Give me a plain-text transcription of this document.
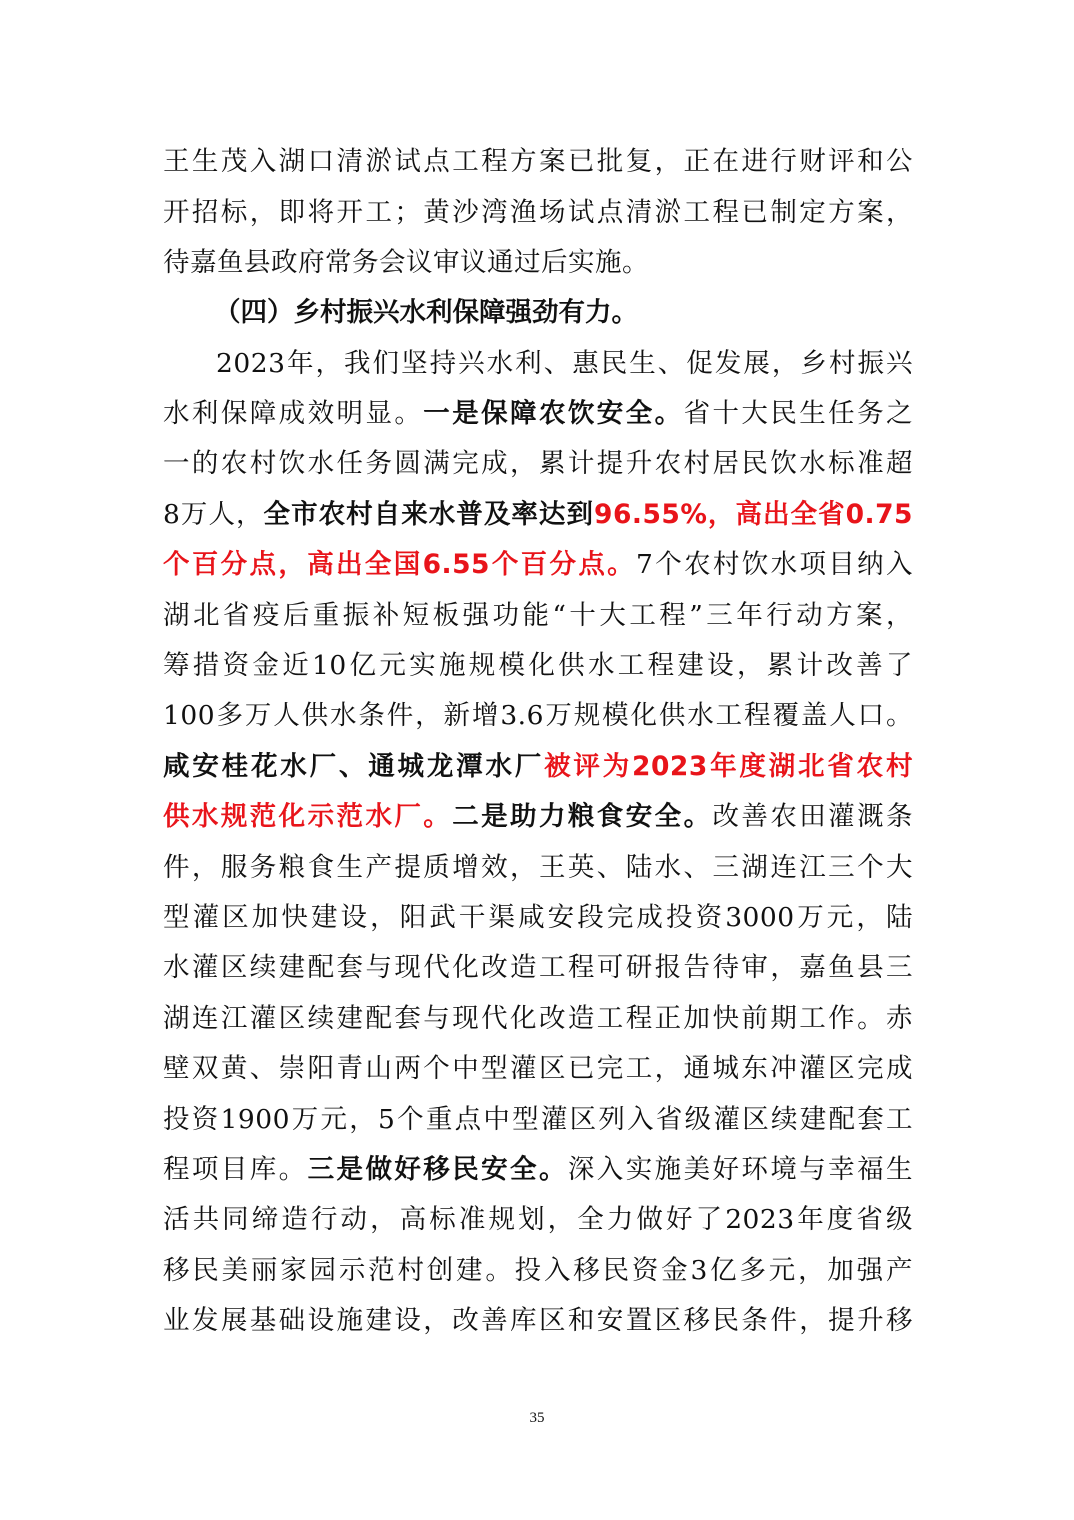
王生茂入湖口清淤试点工程方案已批复，正在进行财评和公
开招标，即将开工；黄沙湾渔场试点清淤工程已制定方案，
待嘉鱼县政府常务会议审议通过后实施。
（四）乡村振兴水利保障强劲有力。
2023年，我们坚持兴水利、惠民生、促发展，乡村振兴
水利保障成效明显。一是保障农饮安全。省十大民生任务之
一的农村饮水任务圆满完成，累计提升农村居民饮水标准超
8万人，全市农村自来水普及率达到96.55%，高出全省0.75
个百分点，高出全国6.55个百分点。7个农村饮水项目纳入
湖北省疫后重振补短板强功能“十大工程”三年行动方案，
筹措资金近10亿元实施规模化供水工程建设，累计改善了
100多万人供水条件，新增3.6万规模化供水工程覆盖人口。
咸安桂花水厂、通城龙潭水厂被评为2023年度湖北省农村
供水规范化示范水厂。二是助力粮食安全。改善农田灌溉条
件，服务粮食生产提质增效，王英、陆水、三湖连江三个大
型灌区加快建设，阳武干渠咸安段完成投资3000万元，陆
水灌区续建配套与现代化改造工程可研报告待审，嘉鱼县三
湖连江灌区续建配套与现代化改造工程正加快前期工作。赤
壁双黄、崇阳青山两个中型灌区已完工，通城东冲灌区完成
投资1900万元，5个重点中型灌区列入省级灌区续建配套工
程项目库。三是做好移民安全。深入实施美好环境与幸福生
活共同缔造行动，高标准规划，全力做好了2023年度省级
移民美丽家园示范村创建。投入移民资金3亿多元，加强产
业发展基础设施建设，改善库区和安置区移民条件，提升移
35
